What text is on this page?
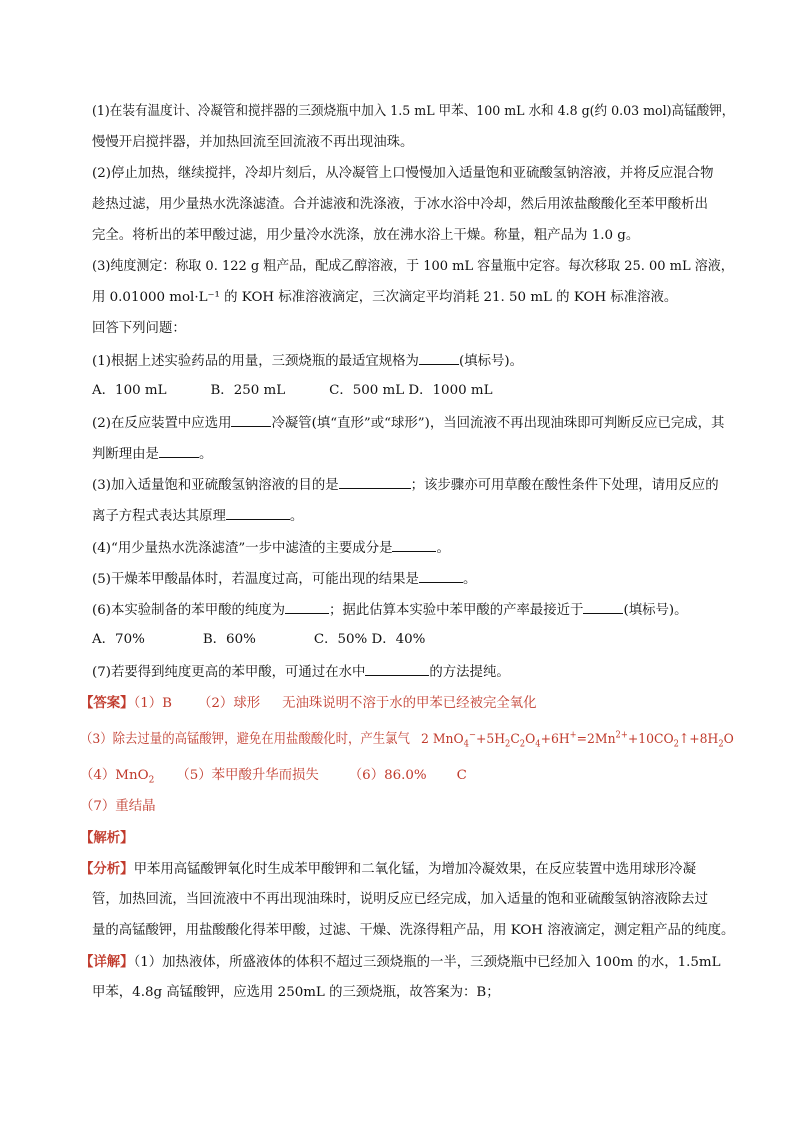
(1)在装有温度计、冷凝管和搅拌器的三颈烧瓶中加入 1.5 mL 甲苯、100 mL 水和 4.8 g(约 0.03 mol)高锰酸钾，
慢慢开启搅拌器，并加热回流至回流液不再出现油珠。
(2)停止加热，继续搅拌，冷却片刻后，从冷凝管上口慢慢加入适量饱和亚硫酸氢钠溶液，并将反应混合物
趁热过滤，用少量热水洗涤滤渣。合并滤液和洗涤液，于冰水浴中冷却，然后用浓盐酸酸化至苯甲酸析出
完全。将析出的苯甲酸过滤，用少量冷水洗涤，放在沸水浴上干燥。称量，粗产品为 1.0 g。
(3)纯度测定：称取 0. 122 g 粗产品，配成乙醇溶液，于 100 mL 容量瓶中定容。每次移取 25. 00 mL 溶液，
用 0.01000 mol·L⁻¹ 的 KOH 标准溶液滴定，三次滴定平均消耗 21. 50 mL 的 KOH 标准溶液。
回答下列问题：
(1)根据上述实验药品的用量，三颈烧瓶的最适宜规格为	(填标号)。
A．100 mL	B．250 mL	C．500 mL D．1000 mL
(2)在反应装置中应选用	冷凝管(填“直形”或“球形”)，当回流液不再出现油珠即可判断反应已完成，其
判断理由是	。
(3)加入适量饱和亚硫酸氢钠溶液的目的是	；该步骤亦可用草酸在酸性条件下处理，请用反应的
离子方程式表达其原理	。
(4)“用少量热水洗涤滤渣”一步中滤渣的主要成分是	。
(5)干燥苯甲酸晶体时，若温度过高，可能出现的结果是	。
(6)本实验制备的苯甲酸的纯度为	；据此估算本实验中苯甲酸的产率最接近于	(填标号)。
A．70%	B．60%	C．50% D．40%
(7)若要得到纯度更高的苯甲酸，可通过在水中	的方法提纯。
【答案】（1）B （2）球形 无油珠说明不溶于水的甲苯已经被完全氧化
（3）除去过量的高锰酸钾，避免在用盐酸酸化时，产生氯气 2 $MnO_4^-+5H_2C_2O_4+6H^+=2Mn^{2+}+10CO_2↑+8H_2O$
（4）MnO$_2$ （5）苯甲酸升华而损失 （6）86.0% C
（7）重结晶
【解析】
【分析】甲苯用高锰酸钾氧化时生成苯甲酸钾和二氧化锰，为增加冷凝效果，在反应装置中选用球形冷凝
管，加热回流，当回流液中不再出现油珠时，说明反应已经完成，加入适量的饱和亚硫酸氢钠溶液除去过
量的高锰酸钾，用盐酸酸化得苯甲酸，过滤、干燥、洗涤得粗产品，用 KOH 溶液滴定，测定粗产品的纯度。
【详解】（1）加热液体，所盛液体的体积不超过三颈烧瓶的一半，三颈烧瓶中已经加入 100m 的水，1.5mL
甲苯，4.8g 高锰酸钾，应选用 250mL 的三颈烧瓶，故答案为：B；
